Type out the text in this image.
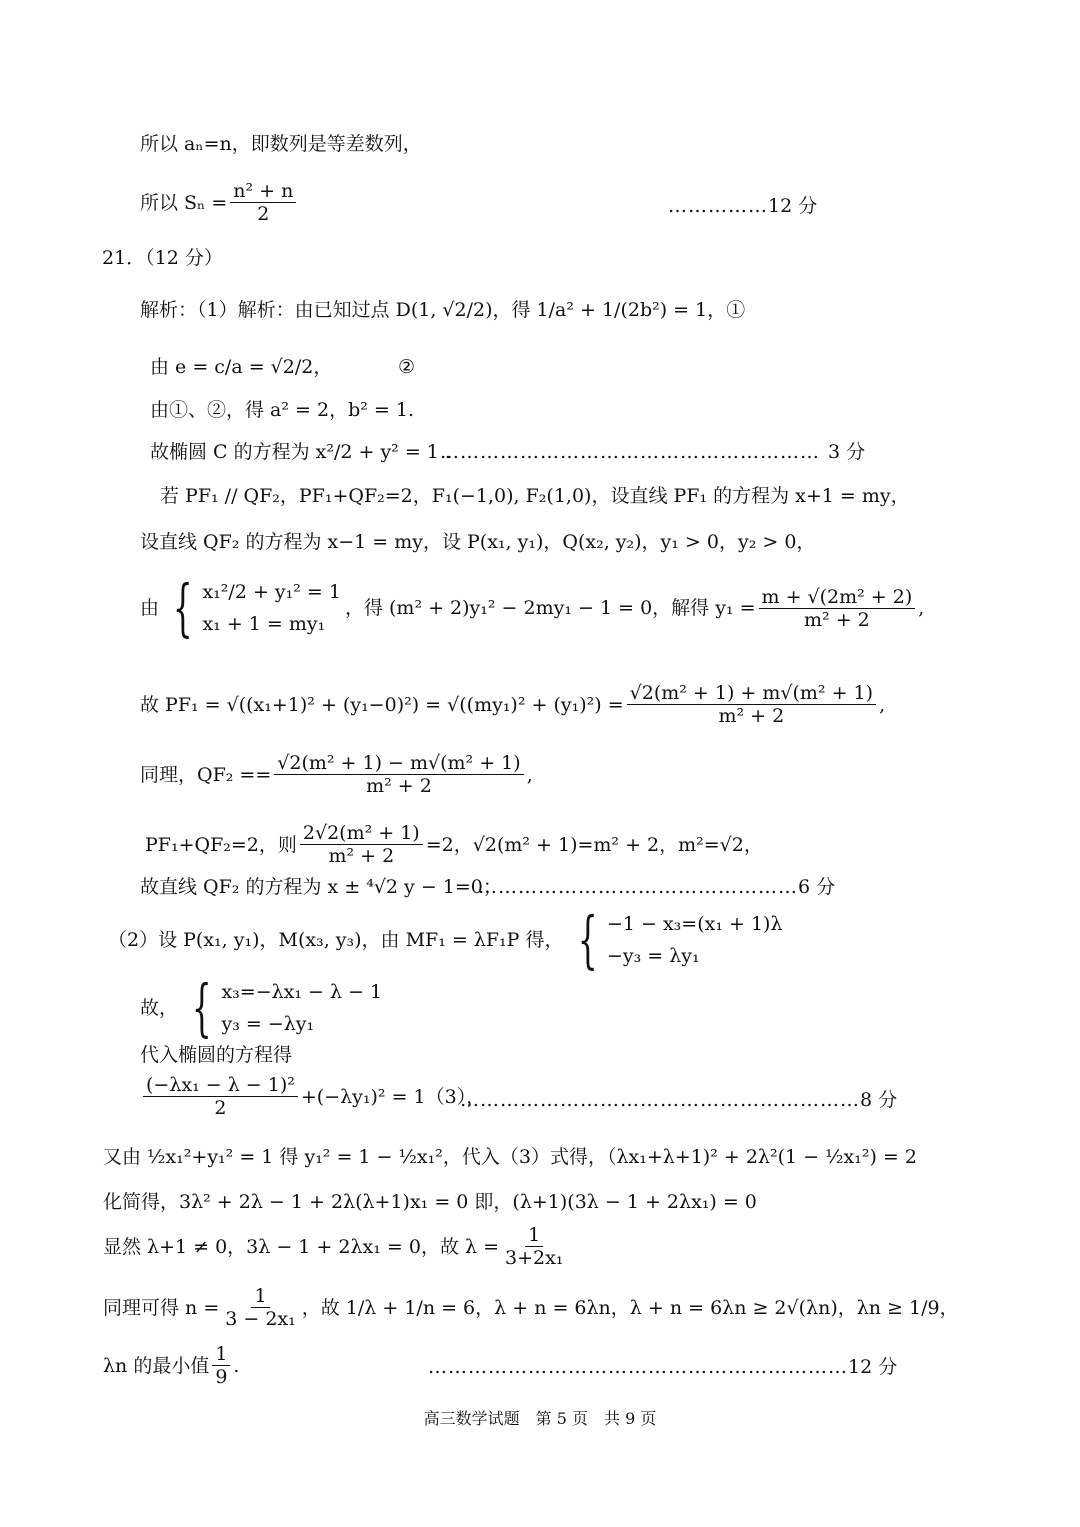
所以 aₙ=n，即数列是等差数列，
所以 $S_n = \frac{\text{n² + n}}{2}$	…………… 12 分
21．（12 分）
解析：（1）解析：由已知过点 D(1, √2/2) ，得 1/a² + 1/(2b²) = 1 ，①
由 e = c/a = √2/2，	②
由①、②，得 a² = 2，b² = 1.
故椭圆 C 的方程为 x²/2 + y² = 1 .
………………………………………………… 3 分
若 PF₁ // QF₂，PF₁+QF₂=2，F₁(−1,0), F₂(1,0)，设直线 PF₁ 的方程为 x+1 = my，
设直线 QF₂ 的方程为 x−1 = my，设 P(x₁, y₁)，Q(x₂, y₂)，y₁ > 0，y₂ > 0，
由 { x₁²/2 + y₁² = 1
x₁ + 1 = my₁
，得 (m² + 2)y₁² − 2my₁ − 1 = 0，解得 $y_1 = \frac{\text{m + √(2m² + 2)}}{\text{m² + 2}}$ ,
故 $PF_1 = √((x_1+1)^2 + (y_1-0)^2) = √((my_1)^2 + (y_1)^2) = \frac{\text{√2(m² + 1) + m√(m² + 1)}}{\text{m² + 2}}$ ,
同理，$QF_2 == \frac{\text{√2(m² + 1) − m√(m² + 1)}}{\text{m² + 2}}$ ,
PF₁+QF₂=2，则 $\frac{\text{2√2(m² + 1)}}{\text{m² + 2}} =2$，√2(m² + 1)=m² + 2，m²=√2，
故直线 QF₂ 的方程为 x ± ⁴√2 y − 1=0；
………………………………………… 6 分
（2）设 P(x₁, y₁)，M(x₃, y₃)，由 MF₁ = λF₁P 得， { −1 − x₃=(x₁ + 1)λ
−y₃ = λy₁
故， { x₃=−λx₁ − λ − 1
y₃ = −λy₁
代入椭圆的方程得
$\frac{\text{(−λx₁ − λ − 1)²}}{2} +(-\lambda y_1)^2 = 1(3)$，
…………………………………………………… 8 分
又由 ½x₁²+y₁² = 1 得 y₁² = 1 − ½x₁²，代入（3）式得，（λx₁+λ+1)² + 2λ²(1 − ½x₁²) = 2
化简得，3λ² + 2λ − 1 + 2λ(λ+1)x₁ = 0 即，(λ+1)(3λ − 1 + 2λx₁) = 0
显然 λ+1 ≠ 0，3λ − 1 + 2λx₁ = 0，故 $\lambda = \frac{1}{\text{3+2x₁}}$
同理可得 $n = \frac{1}{\text{3 − 2x₁}}$ ，故 1/λ + 1/n = 6，λ + n = 6λn，λ + n = 6λn ≥ 2√(λn)，λn ≥ 1/9，
λn 的最小值 $\frac{1}{9}$ .	……………………………………………………… 12 分
高三数学试题　第 5 页　共 9 页
